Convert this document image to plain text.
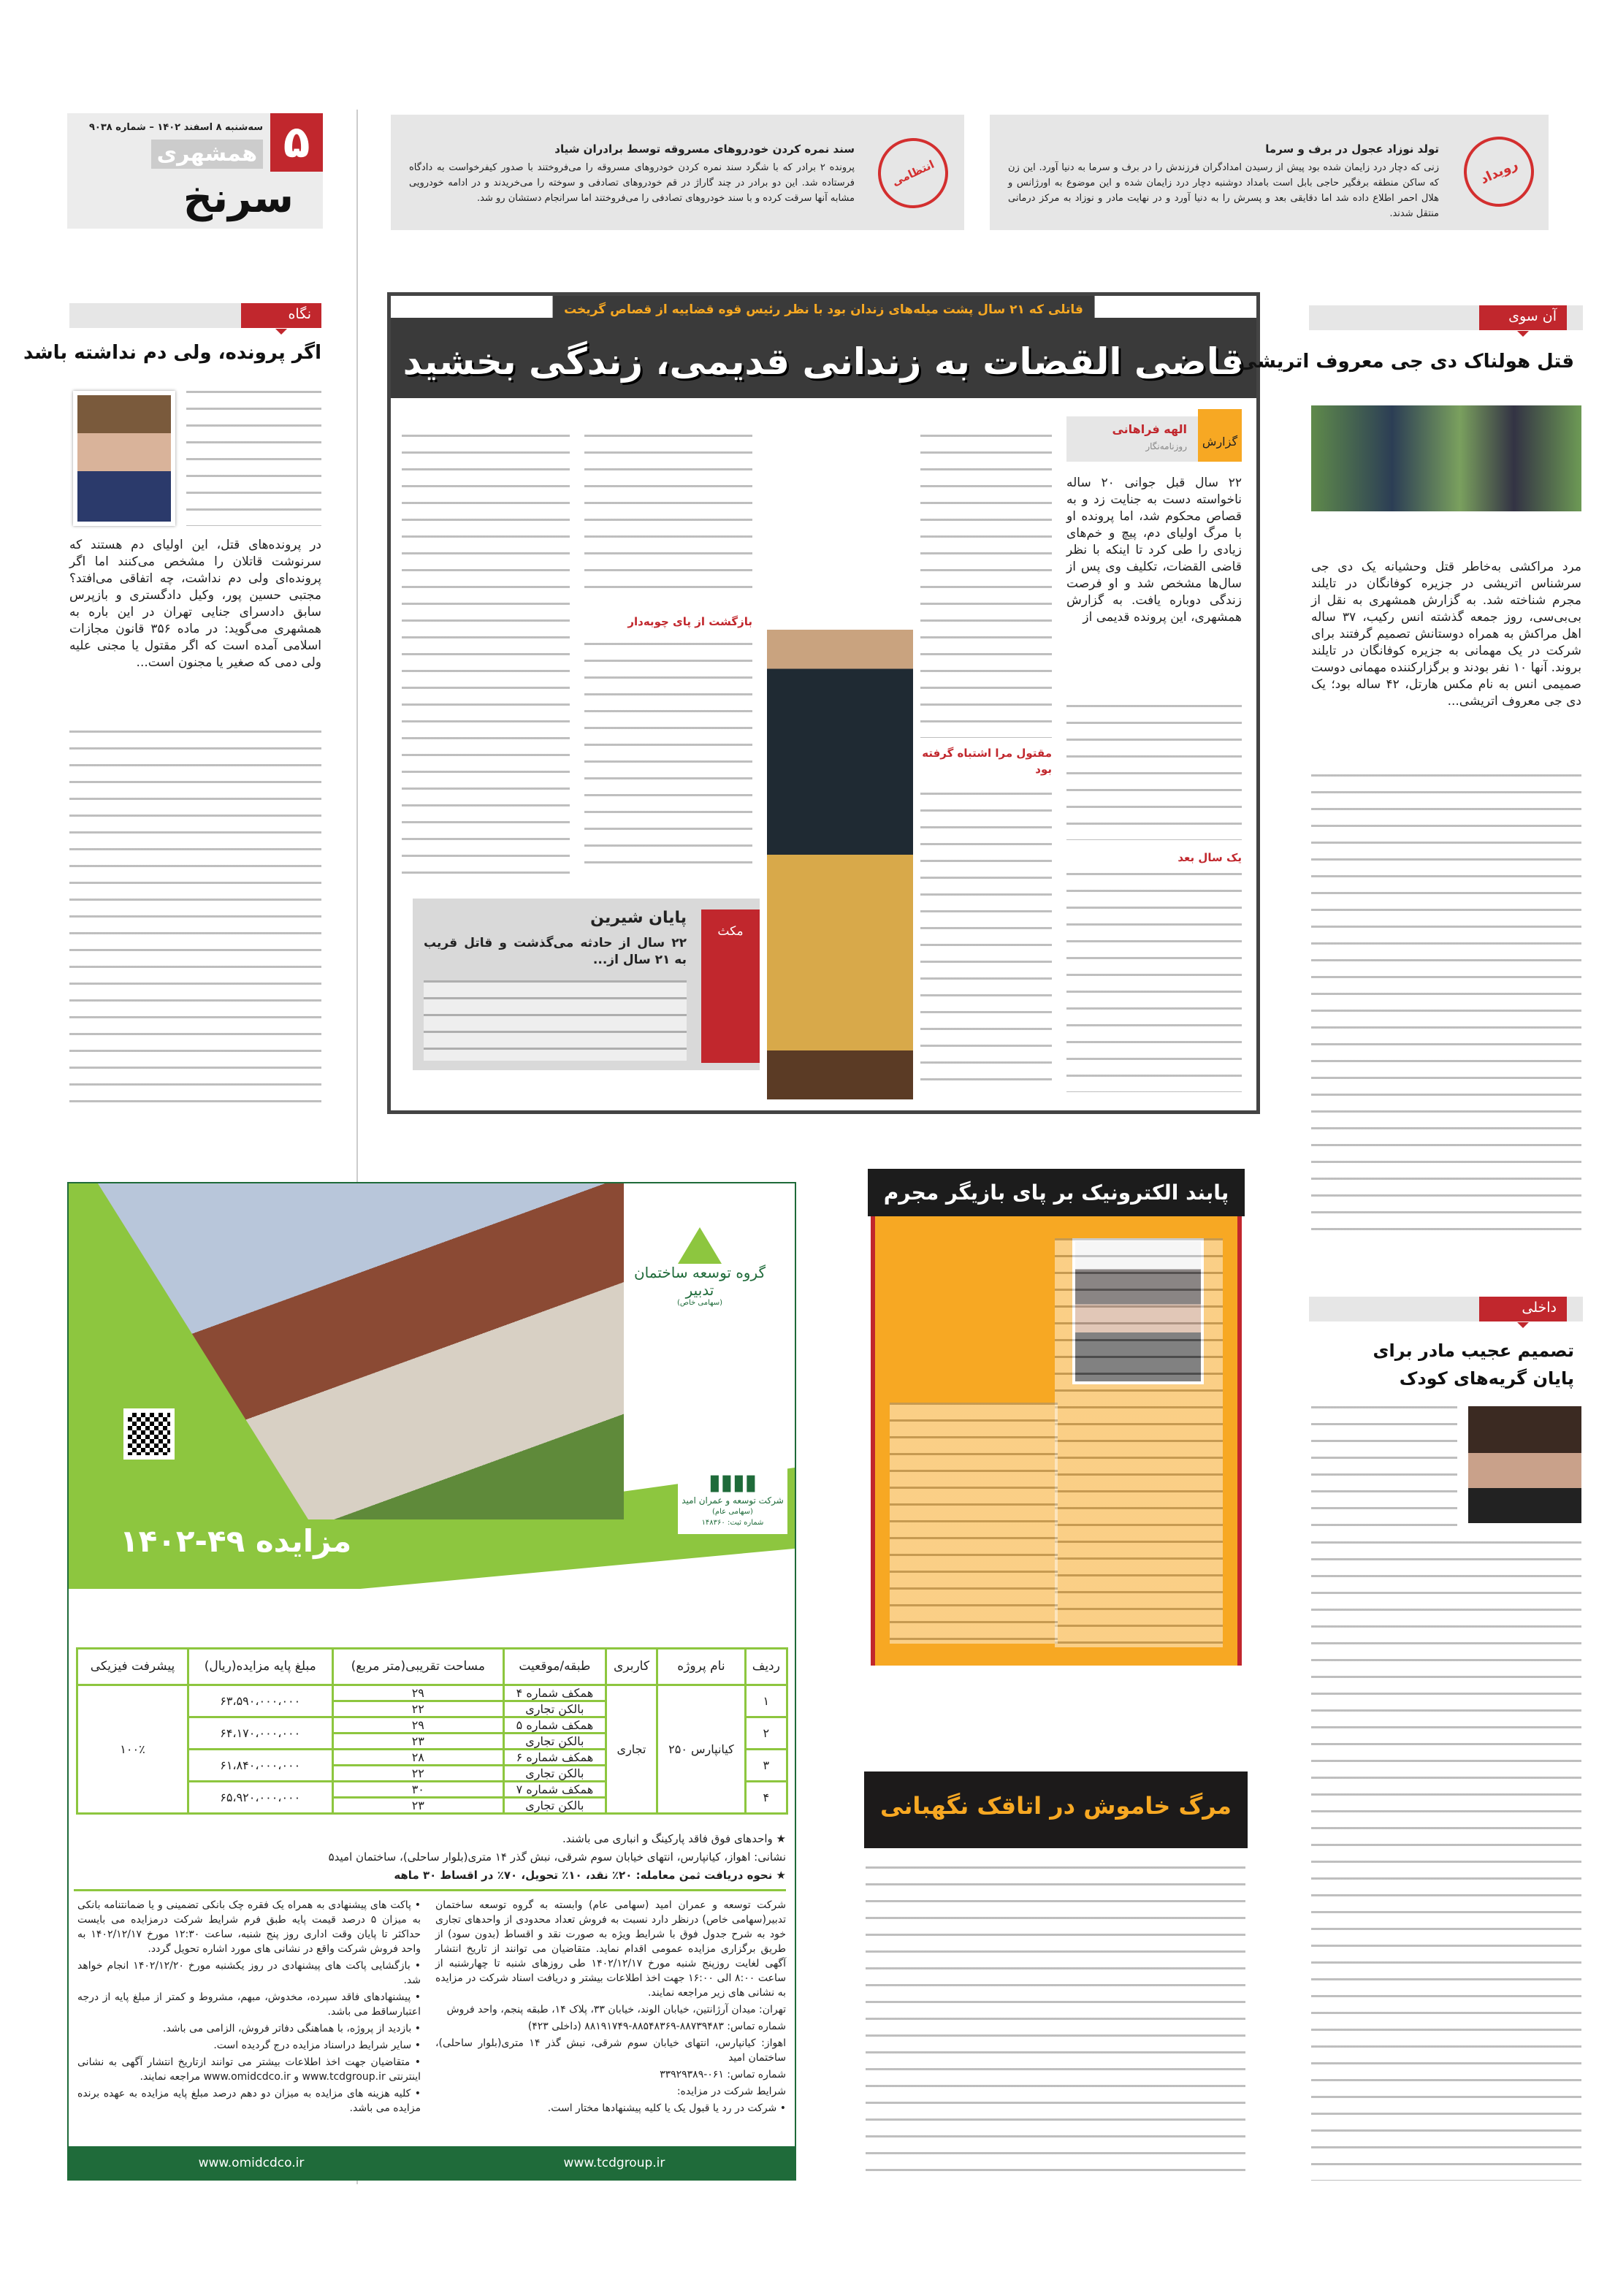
۵
سه‌شنبه ۸ اسفند ۱۴۰۲ – شماره ۹۰۳۸
همشهری
سرنخ
رویداد
تولد نوزاد عجول در برف و سرما
زنی که دچار درد زایمان شده بود پیش از رسیدن امدادگران فرزندش را در برف و سرما به دنیا آورد. این زن که ساکن منطقه برفگیر حاجی بابل است بامداد دوشنبه دچار درد زایمان شده و این موضوع به اورژانس و هلال احمر اطلاع داده شد اما دقایقی بعد و پسرش را به دنیا آورد و در نهایت مادر و نوزاد به مرکز درمانی منتقل شدند.
انتظامی
سند نمره کردن خودروهای مسروقه توسط برادران شیاد
پرونده ۲ برادر که با شگرد سند نمره کردن خودروهای مسروقه را می‌فروختند با صدور کیفرخواست به دادگاه فرستاده شد. این دو برادر در چند گاراژ در قم خودروهای تصادفی و سوخته را می‌خریدند و در ادامه خودرویی مشابه آنها سرقت کرده و با سند خودروهای تصادفی را می‌فروختند اما سرانجام دستشان رو شد.
نگاه
اگر پرونده، ولی دم نداشته باشد
در پرونده‌های قتل، این اولیای دم هستند که سرنوشت قاتلان را مشخص می‌کنند اما اگر پرونده‌ای ولی دم نداشت، چه اتفاقی می‌افتد؟ مجتبی حسین پور، وکیل دادگستری و بازپرس سابق دادسرای جنایی تهران در این باره به همشهری می‌گوید: در ماده ۳۵۶ قانون مجازات اسلامی آمده است که اگر مقتول یا مجنی علیه ولی دمی که صغیر یا مجنون است...
قاتلی که ۲۱ سال پشت میله‌های زندان بود با نظر رئیس قوه قضاییه از قصاص گریخت
قاضی القضات به زندانی قدیمی، زندگی بخشید
گزارش
الهه فراهانی
روزنامه‌نگار
۲۲ سال قبل جوانی ۲۰ ساله ناخواسته دست به جنایت زد و به قصاص محکوم شد، اما پرونده او با مرگ اولیای دم، پیچ و خم‌های زیادی را طی کرد تا اینکه با نظر قاضی القضات، تکلیف وی پس از سال‌ها مشخص شد و او فرصت زندگی دوباره یافت. به گزارش همشهری، این پرونده قدیمی از
یک سال بعد
مقتول مرا اشتباه گرفته بود
بازگشت از پای چوبه‌دار
مکث
پایان شیرین
۲۲ سال از حادثه می‌گذشت و قاتل قریب به ۲۱ سال از...
آن سوی مرز
قتل هولناک دی جی معروف اتریشی
مرد مراکشی به‌خاطر قتل وحشیانه یک دی جی سرشناس اتریشی در جزیره کوفانگان در تایلند مجرم شناخته شد. به گزارش همشهری به نقل از بی‌بی‌سی، روز جمعه گذشته انس رکیب، ۳۷ ساله اهل مراکش به همراه دوستانش تصمیم گرفتند برای شرکت در یک مهمانی به جزیره کوفانگان در تایلند بروند. آنها ۱۰ نفر بودند و برگزارکننده مهمانی دوست صمیمی انس به نام مکس هارتل، ۴۲ ساله بود؛ یک دی جی معروف اتریشی...
داخلی
تصمیم عجیب مادر برای پایان گریه‌های کودک
پابند الکترونیک بر پای بازیگر مجرم
مرگ خاموش در اتاقک نگهبانی
گروه توسعه ساختمان تدبیر
(سهامی خاص)
▮▮▮▮
شرکت توسعه و عمران امید
(سهامی عام)
شماره ثبت: ۱۴۸۳۶۰
مزایده ۴۹-۱۴۰۲
ردیف	نام پروژه	کاربری	طبقه/موقعیت	مساحت تقریبی(متر مربع)	مبلغ پایه مزایده(ریال)	پیشرفت فیزیکی
۱	کیانپارس ۲۵۰	تجاری	همکف شماره ۴	۲۹	۶۳،۵۹۰،۰۰۰،۰۰۰	۱۰۰٪
			بالکن تجاری	۲۲		
۲			همکف شماره ۵	۲۹	۶۴،۱۷۰،۰۰۰،۰۰۰	
			بالکن تجاری	۲۳		
۳			همکف شماره ۶	۲۸	۶۱،۸۴۰،۰۰۰،۰۰۰	
			بالکن تجاری	۲۲		
۴			همکف شماره ۷	۳۰	۶۵،۹۲۰،۰۰۰،۰۰۰	
			بالکن تجاری	۲۳		
★ واحدهای فوق فاقد پارکینگ و انباری می باشند.
نشانی: اهواز، کیانپارس، انتهای خیابان سوم شرقی، نبش گذر ۱۴ متری(بلوار ساحلی)، ساختمان امید۵
★ نحوه دریافت ثمن معامله: ۲۰٪ نقد، ۱۰٪ تحویل، ۷۰٪ در اقساط ۳۰ ماهه
شرکت توسعه و عمران امید (سهامی عام) وابسته به گروه توسعه ساختمان تدبیر(سهامی خاص) درنظر دارد نسبت به فروش تعداد محدودی از واحدهای تجاری خود به شرح جدول فوق با شرایط ویژه به صورت نقد و اقساط (بدون سود) از طریق برگزاری مزایده عمومی اقدام نماید. متقاضیان می توانند از تاریخ انتشار آگهی لغایت روزپنج شنبه مورخ ۱۴۰۲/۱۲/۱۷ طی روزهای شنبه تا چهارشنبه از ساعت ۸:۰۰ الی ۱۶:۰۰ جهت اخذ اطلاعات بیشتر و دریافت اسناد شرکت در مزایده به نشانی های زیر مراجعه نمایند.
تهران: میدان آرژانتین، خیابان الوند، خیابان ۳۳، پلاک ۱۴، طبقه پنجم، واحد فروش
شماره تماس: ۸۸۷۳۹۴۸۳-۸۸۵۴۸۳۶۹-۸۸۱۹۱۷۴۹ (داخلی ۴۲۳)
اهواز: کیانپارس، انتهای خیابان سوم شرقی، نبش گذر ۱۴ متری(بلوار ساحلی)، ساختمان امید
شماره تماس: ۰۶۱-۳۳۹۲۹۳۸۹
شرایط شرکت در مزایده:
• شرکت در رد یا قبول یک یا کلیه پیشنهادها مختار است.
• پاکت های پیشنهادی به همراه یک فقره چک بانکی تضمینی و یا ضمانتنامه بانکی به میزان ۵ درصد قیمت پایه طبق فرم شرایط شرکت درمزایده می بایست حداکثر تا پایان وقت اداری روز پنج شنبه، ساعت ۱۲:۳۰ مورخ ۱۴۰۲/۱۲/۱۷ به واحد فروش شرکت واقع در نشانی های مورد اشاره تحویل گردد.
• بازگشایی پاکت های پیشنهادی در روز یکشنبه مورخ ۱۴۰۲/۱۲/۲۰ انجام خواهد شد.
• پیشنهادهای فاقد سپرده، مخدوش، مبهم، مشروط و کمتر از مبلغ پایه از درجه اعتبارساقط می باشد.
• بازدید از پروژه، با هماهنگی دفاتر فروش، الزامی می باشد.
• سایر شرایط دراسناد مزایده درج گردیده است.
• متقاضیان جهت اخذ اطلاعات بیشتر می توانند ازتاریخ انتشار آگهی به نشانی اینترنتی www.tcdgroup.ir و www.omidcdco.ir مراجعه نمایند.
• کلیه هزینه های مزایده به میزان دو دهم درصد مبلغ پایه مزایده به عهده برنده مزایده می باشد.
www.tcdgroup.ir
www.omidcdco.ir
